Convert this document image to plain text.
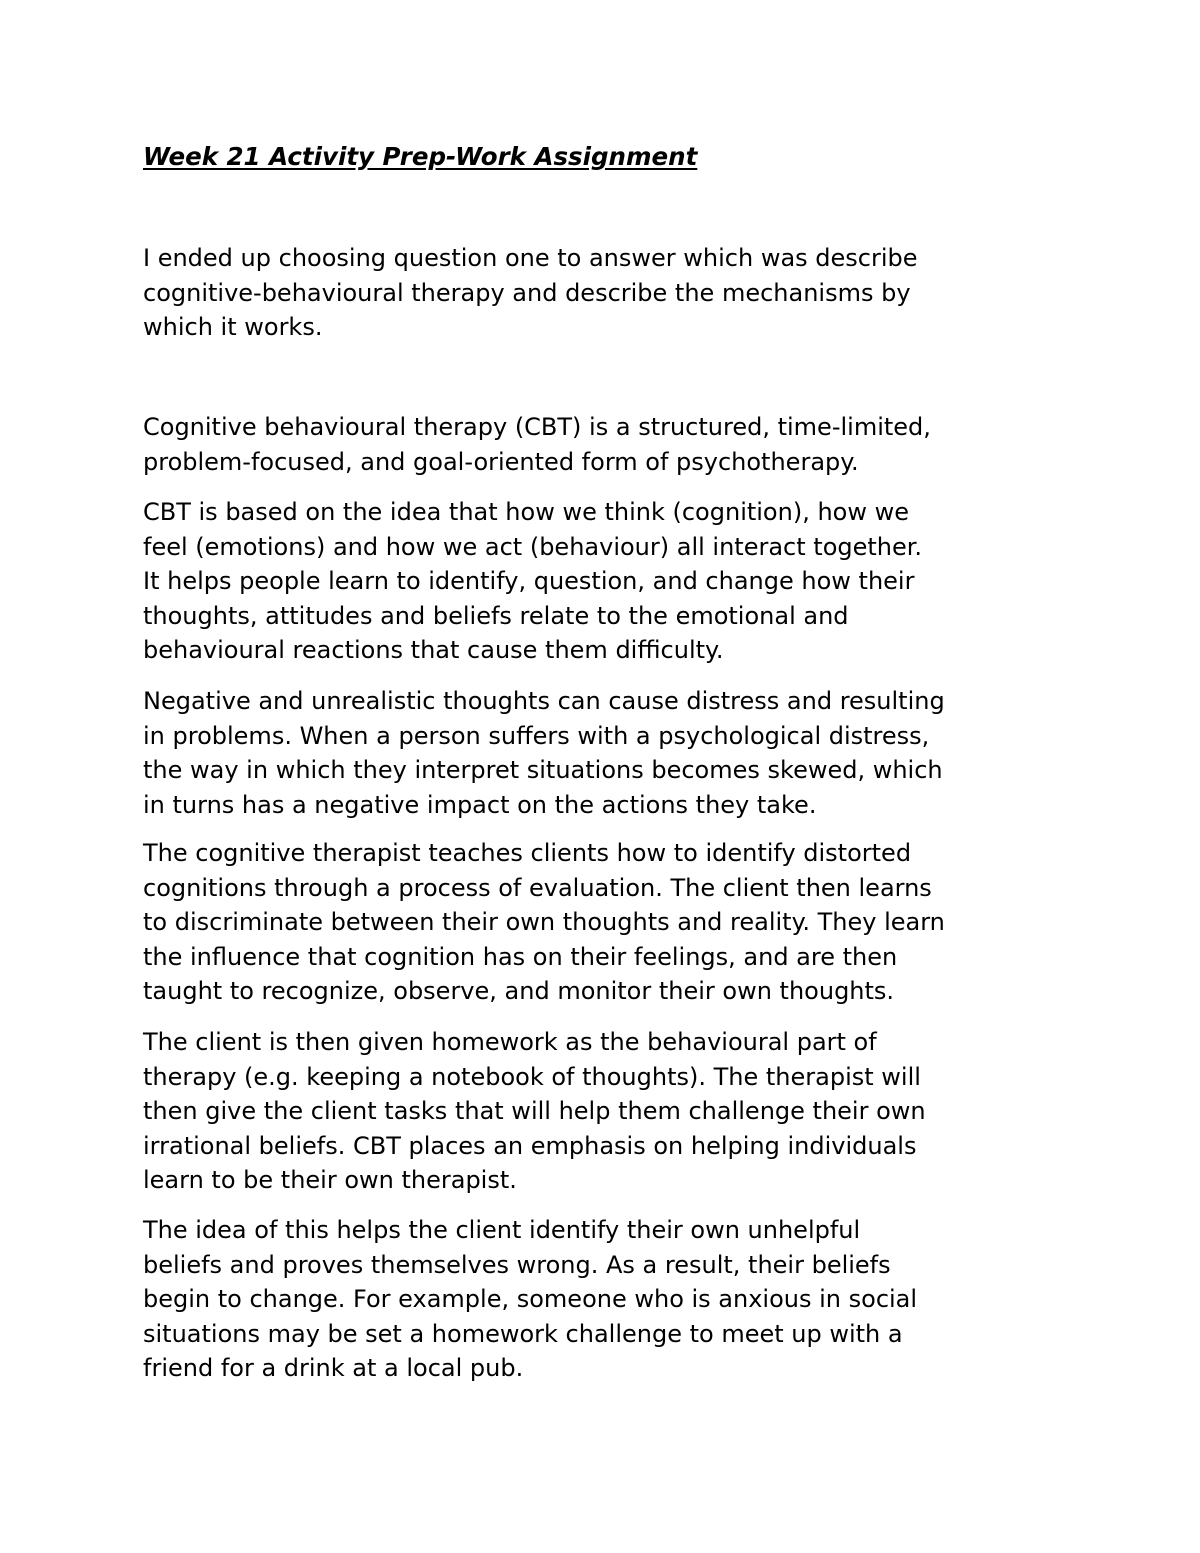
Week 21 Activity Prep-Work Assignment

I ended up choosing question one to answer which was describe
cognitive-behavioural therapy and describe the mechanisms by
which it works.

Cognitive behavioural therapy (CBT) is a structured, time-limited,
problem-focused, and goal-oriented form of psychotherapy.

CBT is based on the idea that how we think (cognition), how we
feel (emotions) and how we act (behaviour) all interact together.
It helps people learn to identify, question, and change how their
thoughts, attitudes and beliefs relate to the emotional and
behavioural reactions that cause them difficulty.

Negative and unrealistic thoughts can cause distress and resulting
in problems. When a person suffers with a psychological distress,
the way in which they interpret situations becomes skewed, which
in turns has a negative impact on the actions they take.

The cognitive therapist teaches clients how to identify distorted
cognitions through a process of evaluation. The client then learns
to discriminate between their own thoughts and reality. They learn
the influence that cognition has on their feelings, and are then
taught to recognize, observe, and monitor their own thoughts.

The client is then given homework as the behavioural part of
therapy (e.g. keeping a notebook of thoughts). The therapist will
then give the client tasks that will help them challenge their own
irrational beliefs. CBT places an emphasis on helping individuals
learn to be their own therapist.

The idea of this helps the client identify their own unhelpful
beliefs and proves themselves wrong. As a result, their beliefs
begin to change. For example, someone who is anxious in social
situations may be set a homework challenge to meet up with a
friend for a drink at a local pub.
